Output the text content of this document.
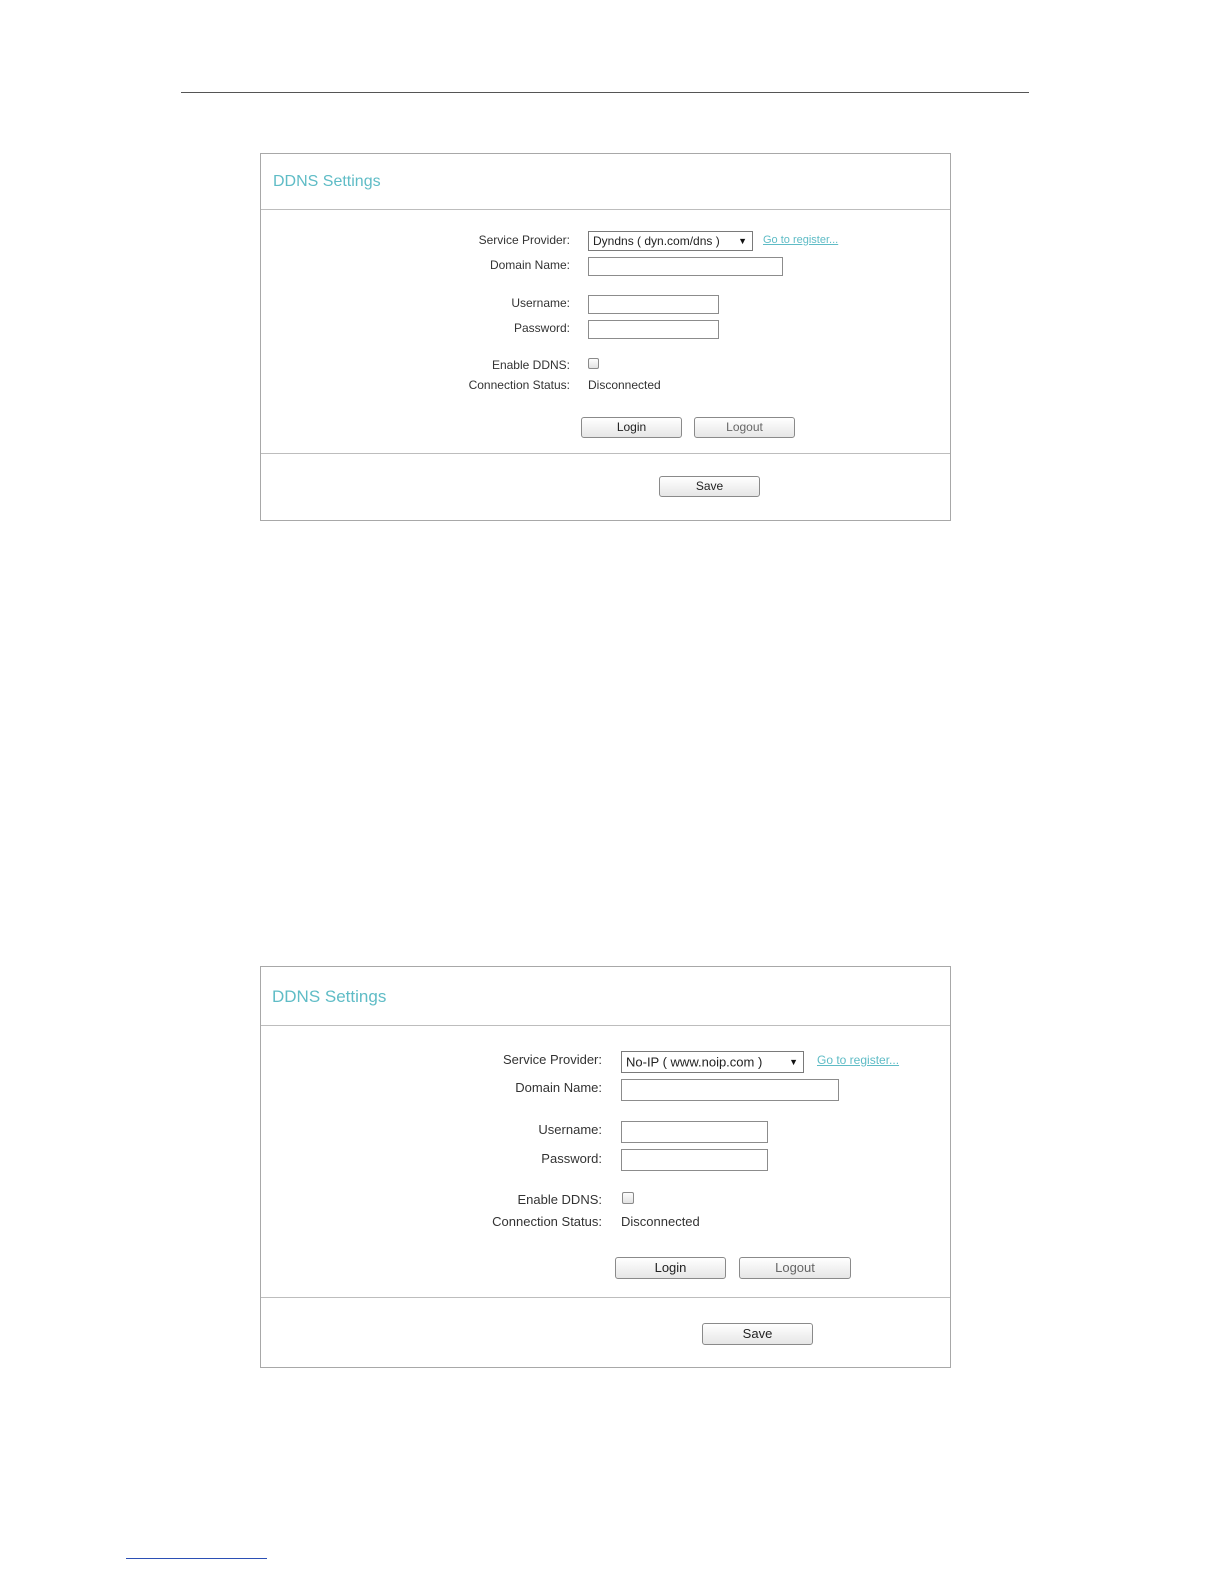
DDNS Settings
Service Provider: Dyndns ( dyn.com/dns ) ▼ Go to register...
Domain Name:
Username:
Password:
Enable DDNS:
Connection Status: Disconnected
Login	Logout
Save
DDNS Settings
Service Provider: No-IP ( www.noip.com )	▼ Go to register...
Domain Name:
Username:
Password:
Enable DDNS:
Connection Status: Disconnected
Login	Logout
Save
